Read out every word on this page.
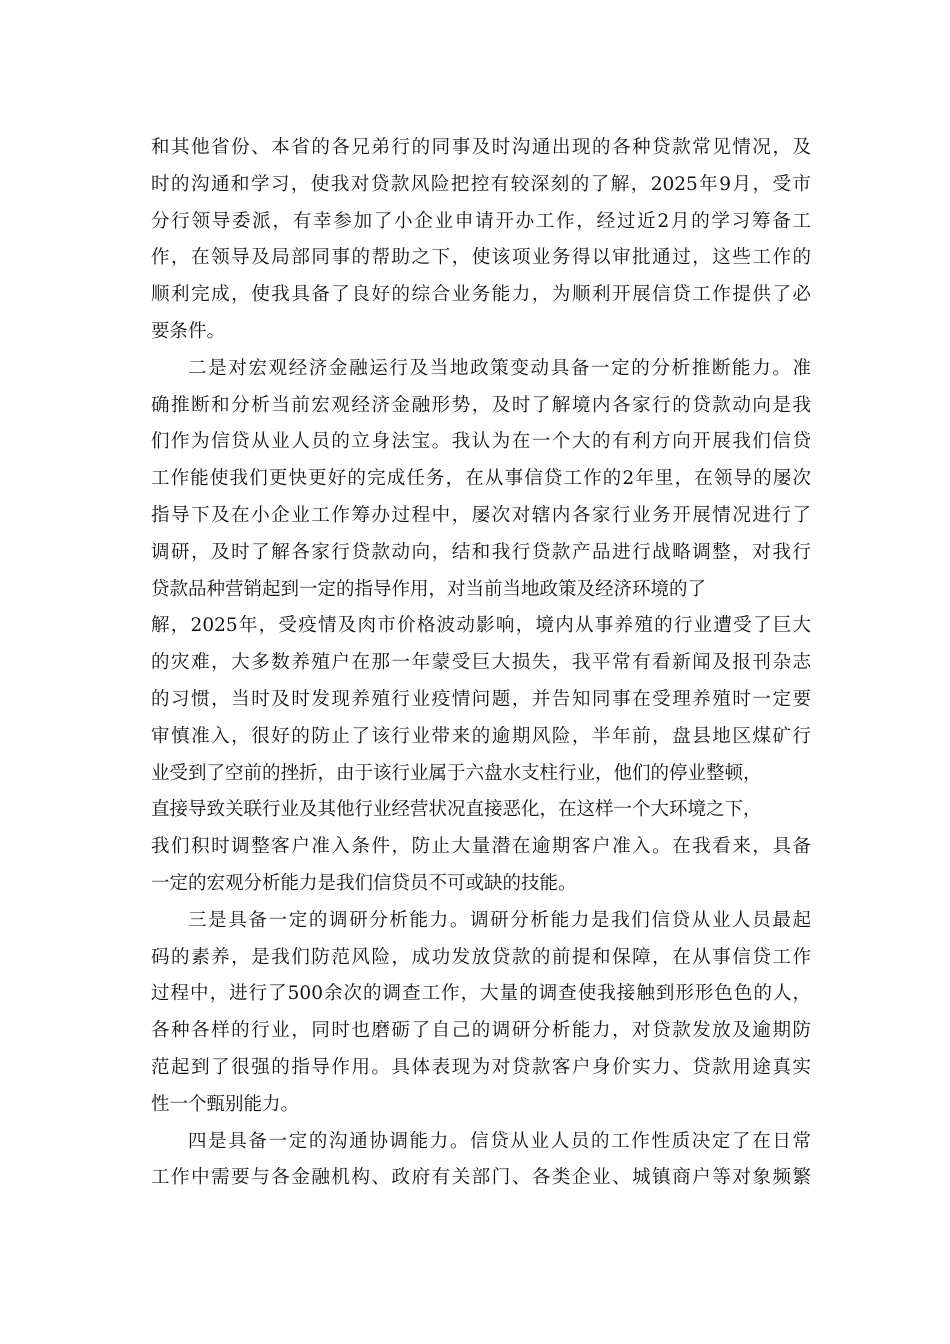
和其他省份、本省的各兄弟行的同事及时沟通出现的各种贷款常见情况，及
时的沟通和学习，使我对贷款风险把控有较深刻的了解，2025年9月，受市
分行领导委派，有幸参加了小企业申请开办工作，经过近2月的学习筹备工
作，在领导及局部同事的帮助之下，使该项业务得以审批通过，这些工作的
顺利完成，使我具备了良好的综合业务能力，为顺利开展信贷工作提供了必
要条件。
二是对宏观经济金融运行及当地政策变动具备一定的分析推断能力。准
确推断和分析当前宏观经济金融形势，及时了解境内各家行的贷款动向是我
们作为信贷从业人员的立身法宝。我认为在一个大的有利方向开展我们信贷
工作能使我们更快更好的完成任务，在从事信贷工作的2年里，在领导的屡次
指导下及在小企业工作筹办过程中，屡次对辖内各家行业务开展情况进行了
调研，及时了解各家行贷款动向，结和我行贷款产品进行战略调整，对我行
贷款品种营销起到一定的指导作用，对当前当地政策及经济环境的了
解，2025年，受疫情及肉市价格波动影响，境内从事养殖的行业遭受了巨大
的灾难，大多数养殖户在那一年蒙受巨大损失，我平常有看新闻及报刊杂志
的习惯，当时及时发现养殖行业疫情问题，并告知同事在受理养殖时一定要
审慎准入，很好的防止了该行业带来的逾期风险，半年前，盘县地区煤矿行
业受到了空前的挫折，由于该行业属于六盘水支柱行业，他们的停业整顿，
直接导致关联行业及其他行业经营状况直接恶化，在这样一个大环境之下，
我们积时调整客户准入条件，防止大量潜在逾期客户准入。在我看来，具备
一定的宏观分析能力是我们信贷员不可或缺的技能。
三是具备一定的调研分析能力。调研分析能力是我们信贷从业人员最起
码的素养，是我们防范风险，成功发放贷款的前提和保障，在从事信贷工作
过程中，进行了500余次的调查工作，大量的调查使我接触到形形色色的人，
各种各样的行业，同时也磨砺了自己的调研分析能力，对贷款发放及逾期防
范起到了很强的指导作用。具体表现为对贷款客户身价实力、贷款用途真实
性一个甄别能力。
四是具备一定的沟通协调能力。信贷从业人员的工作性质决定了在日常
工作中需要与各金融机构、政府有关部门、各类企业、城镇商户等对象频繁
